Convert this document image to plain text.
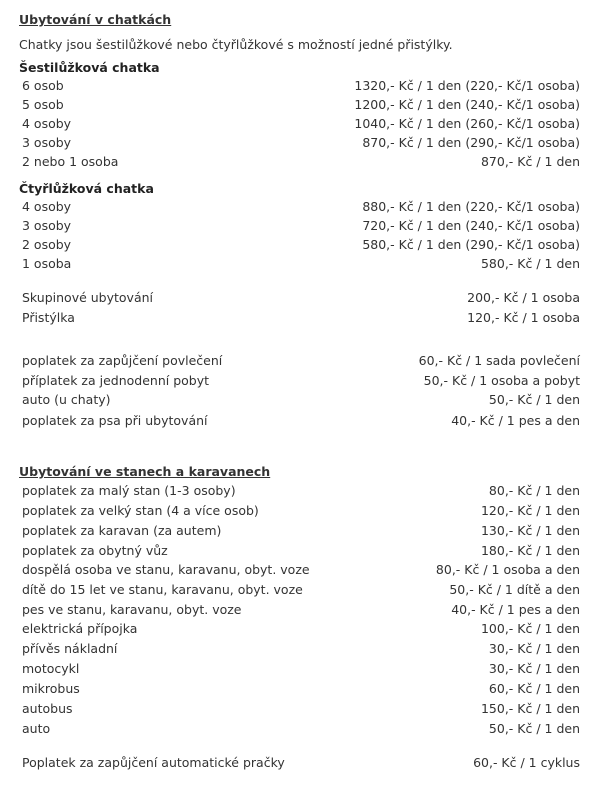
Ubytování v chatkách
Chatky jsou šestilůžkové nebo čtyřlůžkové s možností jedné přistýlky.
Šestilůžková chatka
6 osob	1320,- Kč / 1 den (220,- Kč/1 osoba)
5 osob	1200,- Kč / 1 den (240,- Kč/1 osoba)
4 osoby	1040,- Kč / 1 den (260,- Kč/1 osoba)
3 osoby	870,- Kč / 1 den (290,- Kč/1 osoba)
2 nebo 1 osoba	870,- Kč / 1 den
Čtyřlůžková chatka
4 osoby	880,- Kč / 1 den (220,- Kč/1 osoba)
3 osoby	720,- Kč / 1 den (240,- Kč/1 osoba)
2 osoby	580,- Kč / 1 den (290,- Kč/1 osoba)
1 osoba	580,- Kč / 1 den
Skupinové ubytování	200,- Kč / 1 osoba
Přistýlka	120,- Kč / 1 osoba
poplatek za zapůjčení povlečení	60,- Kč / 1 sada povlečení
příplatek za jednodenní pobyt	50,- Kč / 1 osoba a pobyt
auto (u chaty)	50,- Kč / 1 den
poplatek za psa při ubytování	40,- Kč / 1 pes a den
Ubytování ve stanech a karavanech
poplatek za malý stan (1-3 osoby)	80,- Kč / 1 den
poplatek za velký stan (4 a více osob)	120,- Kč / 1 den
poplatek za karavan (za autem)	130,- Kč / 1 den
poplatek za obytný vůz	180,- Kč / 1 den
dospělá osoba ve stanu, karavanu, obyt. voze	80,- Kč / 1 osoba a den
dítě do 15 let ve stanu, karavanu, obyt. voze	50,- Kč / 1 dítě a den
pes ve stanu, karavanu, obyt. voze	40,- Kč / 1 pes a den
elektrická přípojka	100,- Kč / 1 den
přívěs nákladní	30,- Kč / 1 den
motocykl	30,- Kč / 1 den
mikrobus	60,- Kč / 1 den
autobus	150,- Kč / 1 den
auto	50,- Kč / 1 den
Poplatek za zapůjčení automatické pračky	60,- Kč / 1 cyklus
